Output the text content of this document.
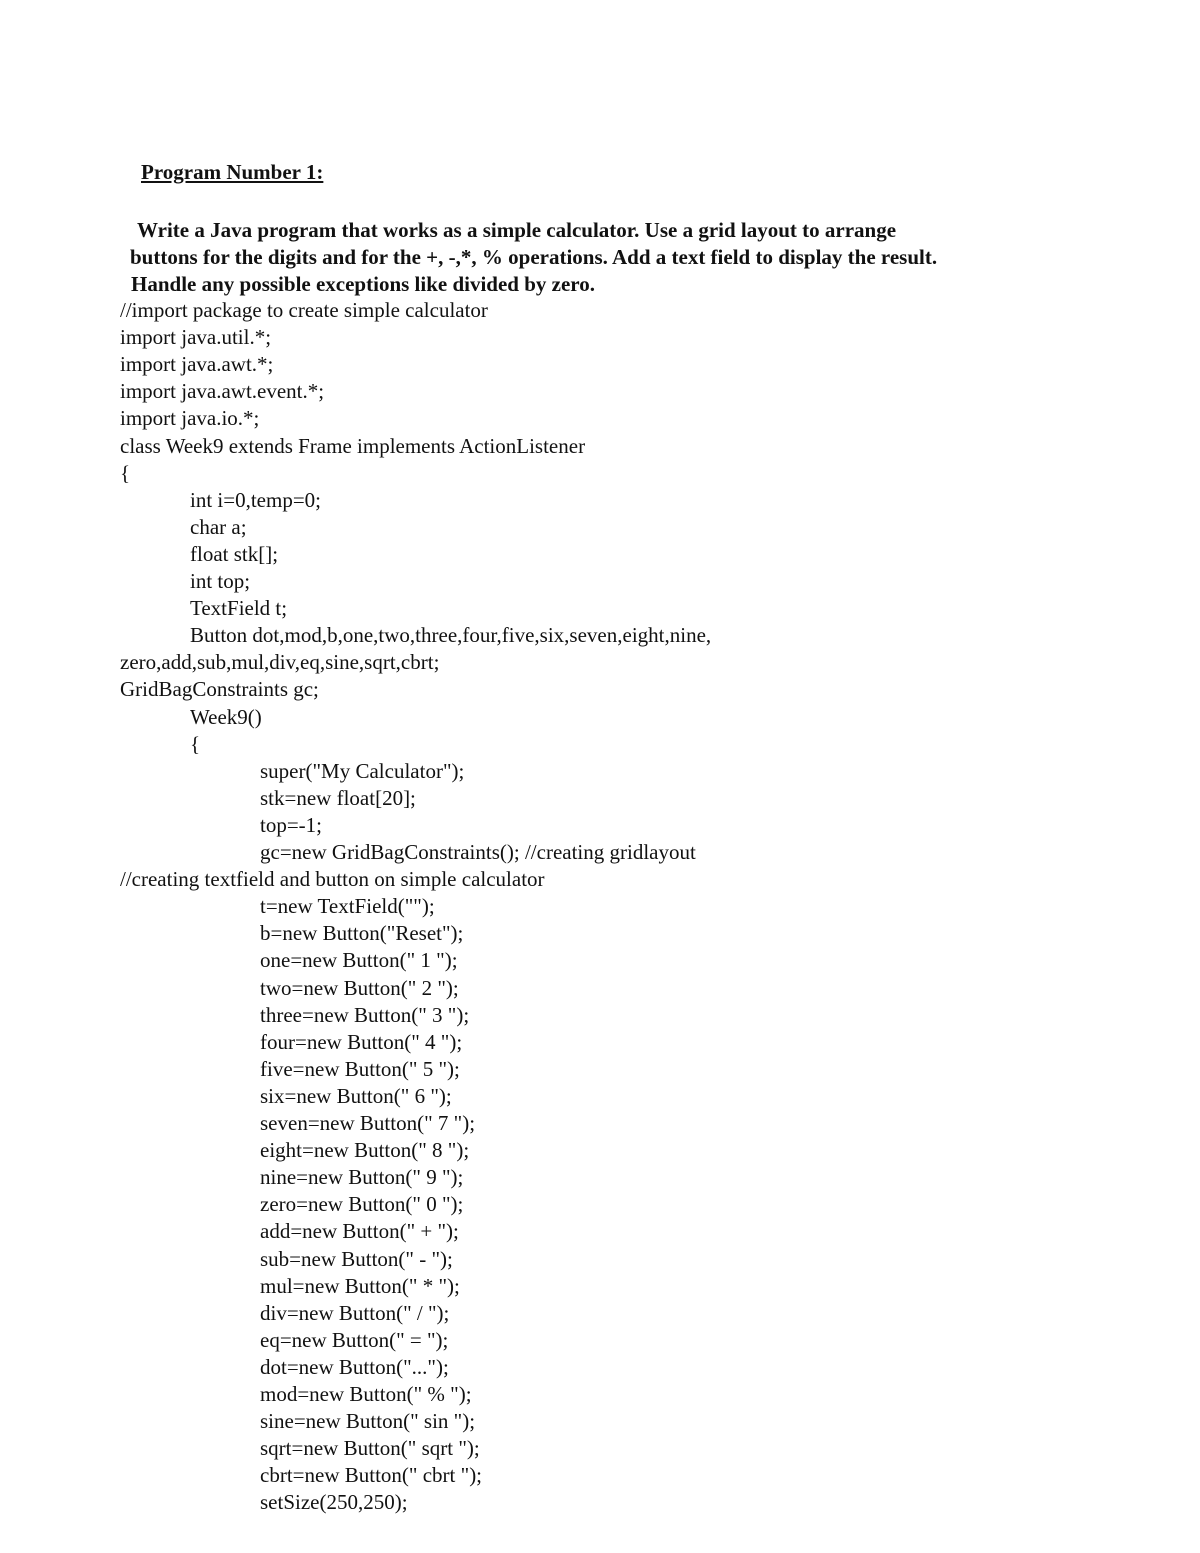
Program Number 1:
Write a Java program that works as a simple calculator. Use a grid layout to arrange
buttons for the digits and for the +, -,*, % operations. Add a text field to display the result.
Handle any possible exceptions like divided by zero.
//import package to create simple calculator
import java.util.*;
import java.awt.*;
import java.awt.event.*;
import java.io.*;
class Week9 extends Frame implements ActionListener
{
int i=0,temp=0;
char a;
float stk[];
int top;
TextField t;
Button dot,mod,b,one,two,three,four,five,six,seven,eight,nine,
zero,add,sub,mul,div,eq,sine,sqrt,cbrt;
GridBagConstraints gc;
Week9()
{
super("My Calculator");
stk=new float[20];
top=-1;
gc=new GridBagConstraints(); //creating gridlayout
//creating textfield and button on simple calculator
t=new TextField("");
b=new Button("Reset");
one=new Button(" 1 ");
two=new Button(" 2 ");
three=new Button(" 3 ");
four=new Button(" 4 ");
five=new Button(" 5 ");
six=new Button(" 6 ");
seven=new Button(" 7 ");
eight=new Button(" 8 ");
nine=new Button(" 9 ");
zero=new Button(" 0 ");
add=new Button(" + ");
sub=new Button(" - ");
mul=new Button(" * ");
div=new Button(" / ");
eq=new Button(" = ");
dot=new Button("...");
mod=new Button(" % ");
sine=new Button(" sin ");
sqrt=new Button(" sqrt ");
cbrt=new Button(" cbrt ");
setSize(250,250);
